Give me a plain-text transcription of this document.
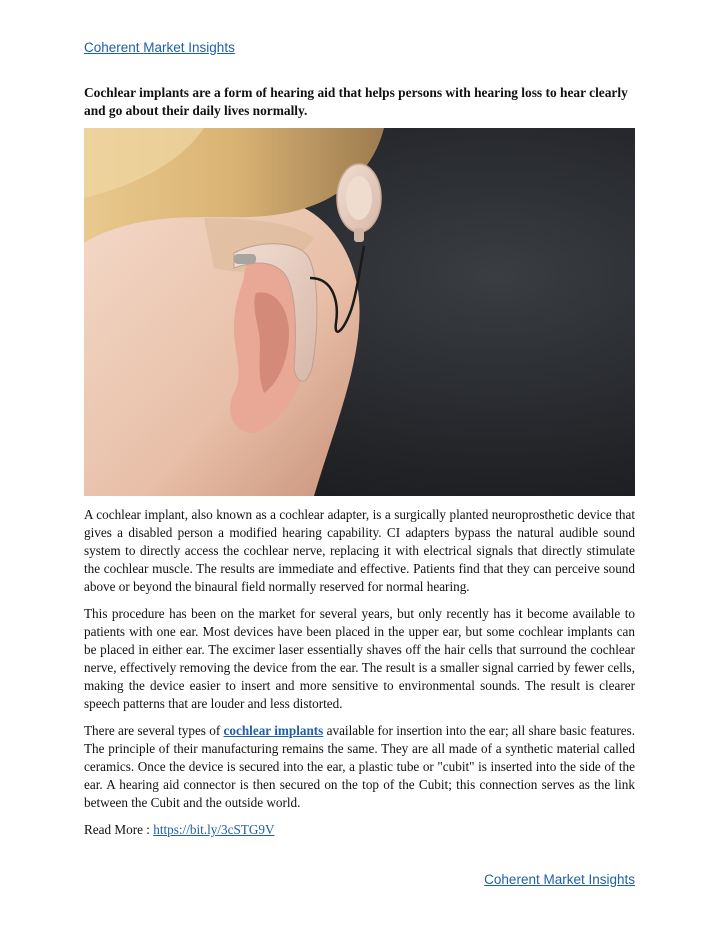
Coherent Market Insights
Cochlear implants are a form of hearing aid that helps persons with hearing loss to hear clearly and go about their daily lives normally.

A cochlear implant, also known as a cochlear adapter, is a surgically planted neuroprosthetic device that gives a disabled person a modified hearing capability. CI adapters bypass the natural audible sound system to directly access the cochlear nerve, replacing it with electrical signals that directly stimulate the cochlear muscle. The results are immediate and effective. Patients find that they can perceive sound above or beyond the binaural field normally reserved for normal hearing.

This procedure has been on the market for several years, but only recently has it become available to patients with one ear. Most devices have been placed in the upper ear, but some cochlear implants can be placed in either ear. The excimer laser essentially shaves off the hair cells that surround the cochlear nerve, effectively removing the device from the ear. The result is a smaller signal carried by fewer cells, making the device easier to insert and more sensitive to environmental sounds. The result is clearer speech patterns that are louder and less distorted.

There are several types of cochlear implants available for insertion into the ear; all share basic features. The principle of their manufacturing remains the same. They are all made of a synthetic material called ceramics. Once the device is secured into the ear, a plastic tube or "cubit" is inserted into the side of the ear. A hearing aid connector is then secured on the top of the Cubit; this connection serves as the link between the Cubit and the outside world.

Read More : https://bit.ly/3cSTG9V

Coherent Market Insights
